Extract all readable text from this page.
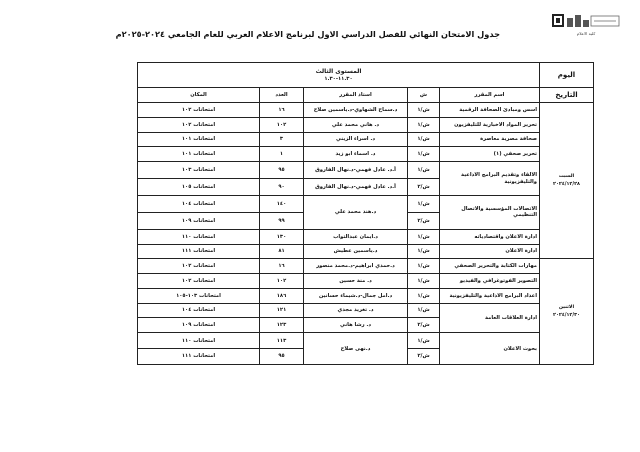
كلية الاعلام
جدول الامتحان النهائي للفصل الدراسي الاول لبرنامج الاعلام العربي للعام الجامعي ٢٠٢٤-٢٠٢٥م
اليوم	المستوى الثالث
١١.٣٠-١.٣٠				

التاريخ	اسم المقرر	ش	استاذ المقرر	العدد	المكان

السبت
٢٠٢٤/١٢/٢٨	اسس ومبادئ الصحافة الرقمية	ش/١	د.سماح الشهاوي-د.ياسمين صلاح	١٦	امتحانات ١٠٢
	تحرير المواد الاخبارية للتليفزيون	ش/١	د. هاني محمد علي	١٠٢	امتحانات ١٠٢
	صحافة مصرية معاصرة	ش/١	د. اسراء الزيني	٣	امتحانات ١٠١
	تحرير صحفي (١)	ش/١	د. اسماء ابو زيد	١	امتحانات ١٠١
	الالقاء وتقديم البرامج الاذاعية والتليفزيونية	ش/١	أ.د. عادل فهمي-د.نهال الفاروق	٩٥	امتحانات ١٠٣
		ش/٢	أ.د. عادل فهمي-د.نهال الفاروق	٩٠	امتحانات ١٠٥
	الاتصالات المؤسسية والاتصال التنظيمي	ش/١	د.هند محمد علي	١٤٠	امتحانات ١٠٤
		ش/٢		٩٩	امتحانات ١٠٩
	ادارة الاعلان واقتصادياته	ش/١	د.ايمان عبدالتواب	١٣٠	امتحانات ١١٠
	ادارة الاعلان	ش/١	د.ياسمين عطيش	٨١	امتحانات ١١١

الاثنين
٢٠٢٤/١٢/٣٠	مهارات الكتابة والتحرير الصحفي	ش/١	د.حمدي ابراهيم-د.محمد منصور	١٦	امتحانات ١٠٢
	التصوير الفوتوغرافي والفيديو	ش/١	د. منة حسين	١٠٢	امتحانات ١٠٢
	اعداد البرامج الاذاعية والتليفزيونية	ش/١	د.امل جمال-د.شيماء حسانين	١٨٦	امتحانات ١٠٣-١٠٥
	ادارة العلاقات العامة	ش/١	د. تغريد مجدي	١٢١	امتحانات ١٠٤
		ش/٢	د. رشا هاني	١٢٣	امتحانات ١٠٩
	بحوث الاعلان	ش/١	د.نهى صلاح	١١٣	امتحانات ١١٠
		ش/٢		٩٥	امتحانات ١١١
